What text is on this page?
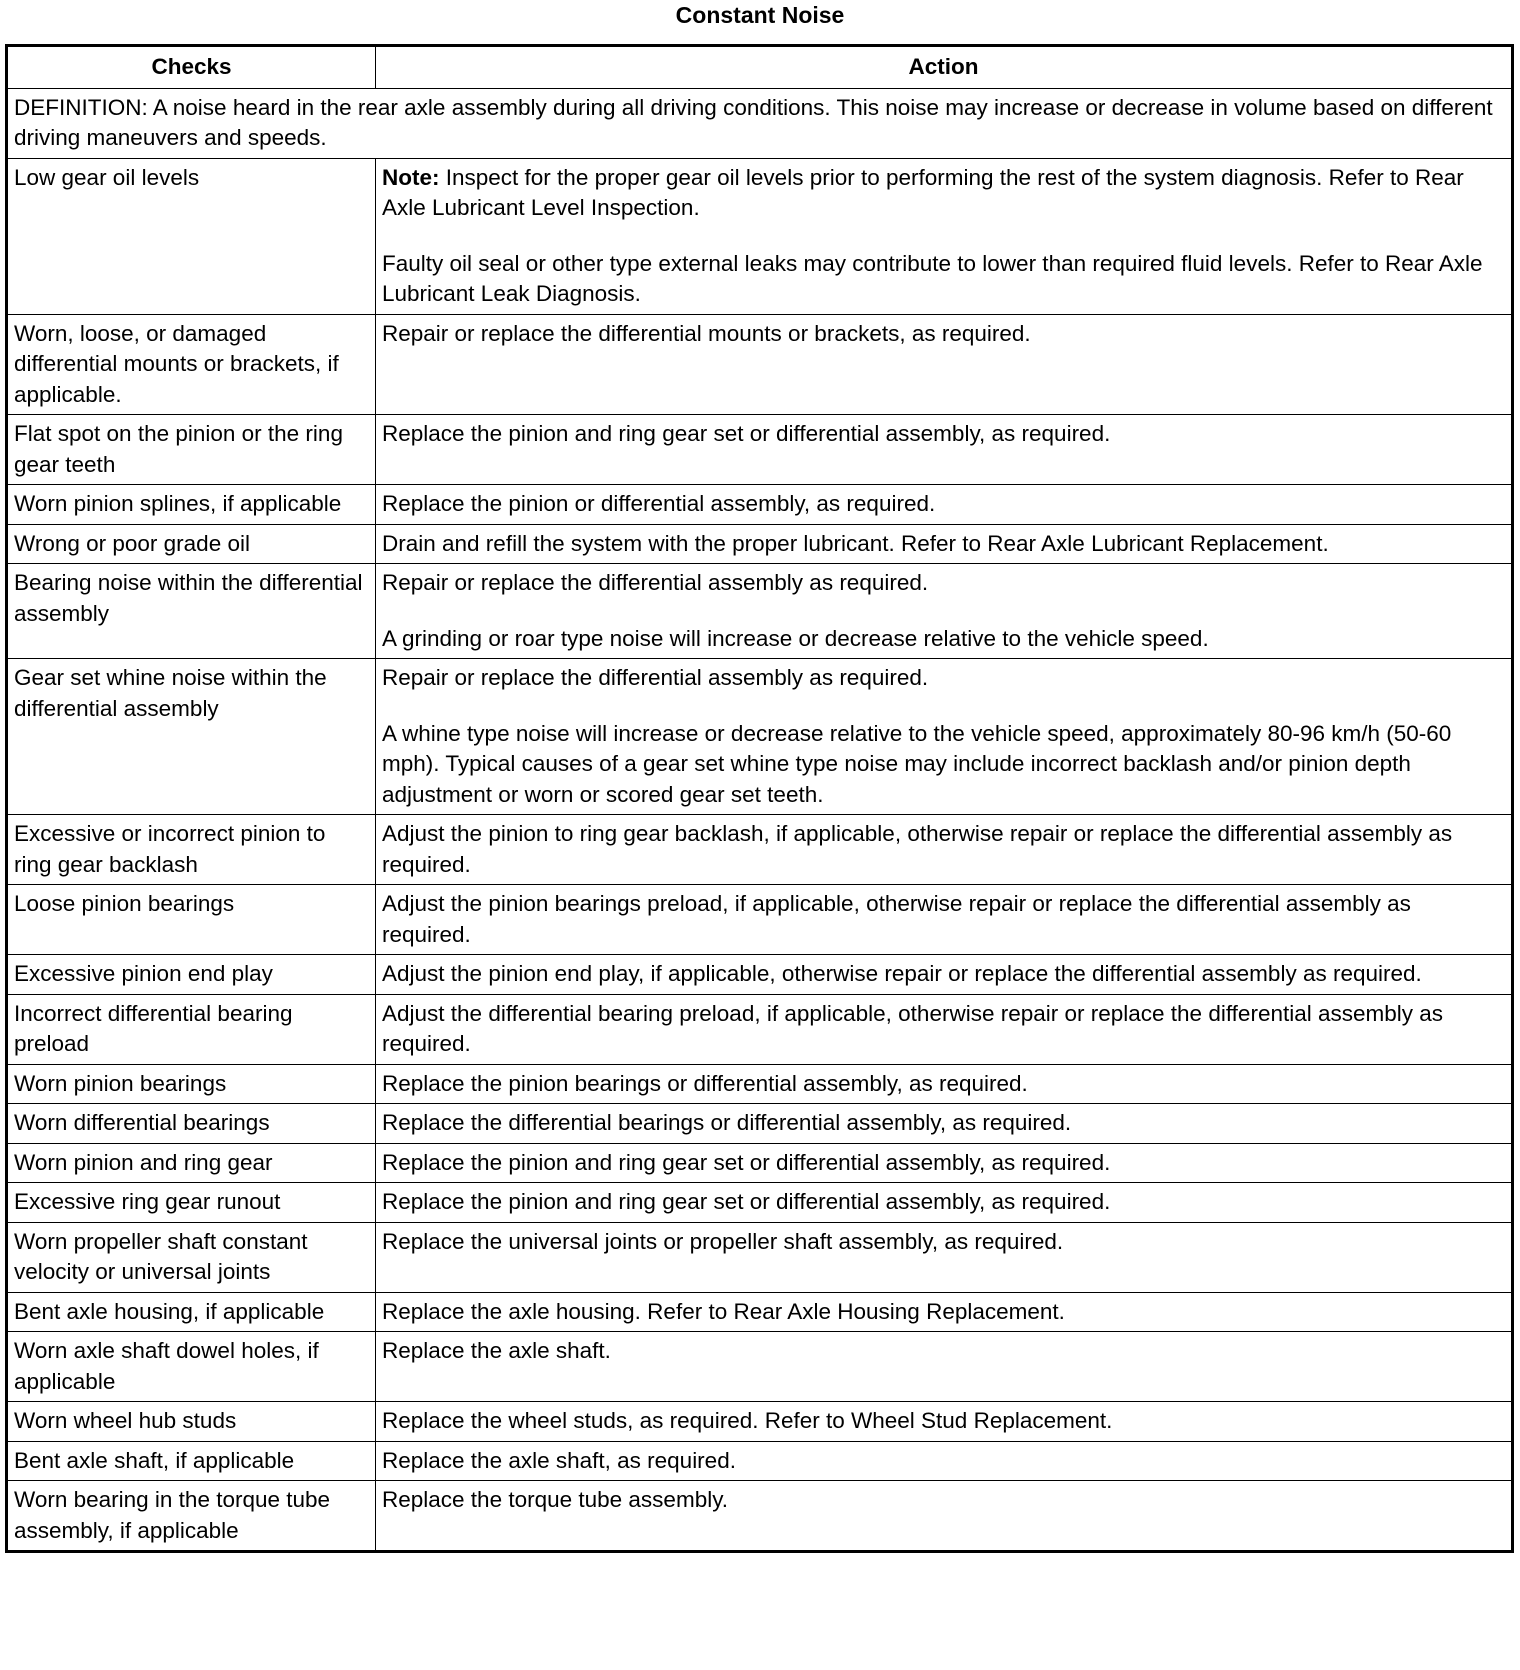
Constant Noise
Checks	Action
DEFINITION: A noise heard in the rear axle assembly during all driving conditions. This noise may increase or decrease in volume based on different driving maneuvers and speeds.	
Low gear oil levels	Note: Inspect for the proper gear oil levels prior to performing the rest of the system diagnosis. Refer to Rear Axle Lubricant Level Inspection.

Faulty oil seal or other type external leaks may contribute to lower than required fluid levels. Refer to Rear Axle Lubricant Leak Diagnosis.

Worn, loose, or damaged differential mounts or brackets, if applicable.	Repair or replace the differential mounts or brackets, as required.

Flat spot on the pinion or the ring gear teeth	Replace the pinion and ring gear set or differential assembly, as required.

Worn pinion splines, if applicable	Replace the pinion or differential assembly, as required.

Wrong or poor grade oil	Drain and refill the system with the proper lubricant. Refer to Rear Axle Lubricant Replacement.

Bearing noise within the differential assembly	Repair or replace the differential assembly as required.

A grinding or roar type noise will increase or decrease relative to the vehicle speed.

Gear set whine noise within the differential assembly	Repair or replace the differential assembly as required.

A whine type noise will increase or decrease relative to the vehicle speed, approximately 80-96 km/h (50-60 mph). Typical causes of a gear set whine type noise may include incorrect backlash and/or pinion depth adjustment or worn or scored gear set teeth.

Excessive or incorrect pinion to ring gear backlash	Adjust the pinion to ring gear backlash, if applicable, otherwise repair or replace the differential assembly as required.

Loose pinion bearings	Adjust the pinion bearings preload, if applicable, otherwise repair or replace the differential assembly as required.

Excessive pinion end play	Adjust the pinion end play, if applicable, otherwise repair or replace the differential assembly as required.

Incorrect differential bearing preload	Adjust the differential bearing preload, if applicable, otherwise repair or replace the differential assembly as required.

Worn pinion bearings	Replace the pinion bearings or differential assembly, as required.

Worn differential bearings	Replace the differential bearings or differential assembly, as required.

Worn pinion and ring gear	Replace the pinion and ring gear set or differential assembly, as required.

Excessive ring gear runout	Replace the pinion and ring gear set or differential assembly, as required.

Worn propeller shaft constant velocity or universal joints	Replace the universal joints or propeller shaft assembly, as required.

Bent axle housing, if applicable	Replace the axle housing. Refer to Rear Axle Housing Replacement.

Worn axle shaft dowel holes, if applicable	Replace the axle shaft.

Worn wheel hub studs	Replace the wheel studs, as required. Refer to Wheel Stud Replacement.

Bent axle shaft, if applicable	Replace the axle shaft, as required.

Worn bearing in the torque tube assembly, if applicable	Replace the torque tube assembly.
